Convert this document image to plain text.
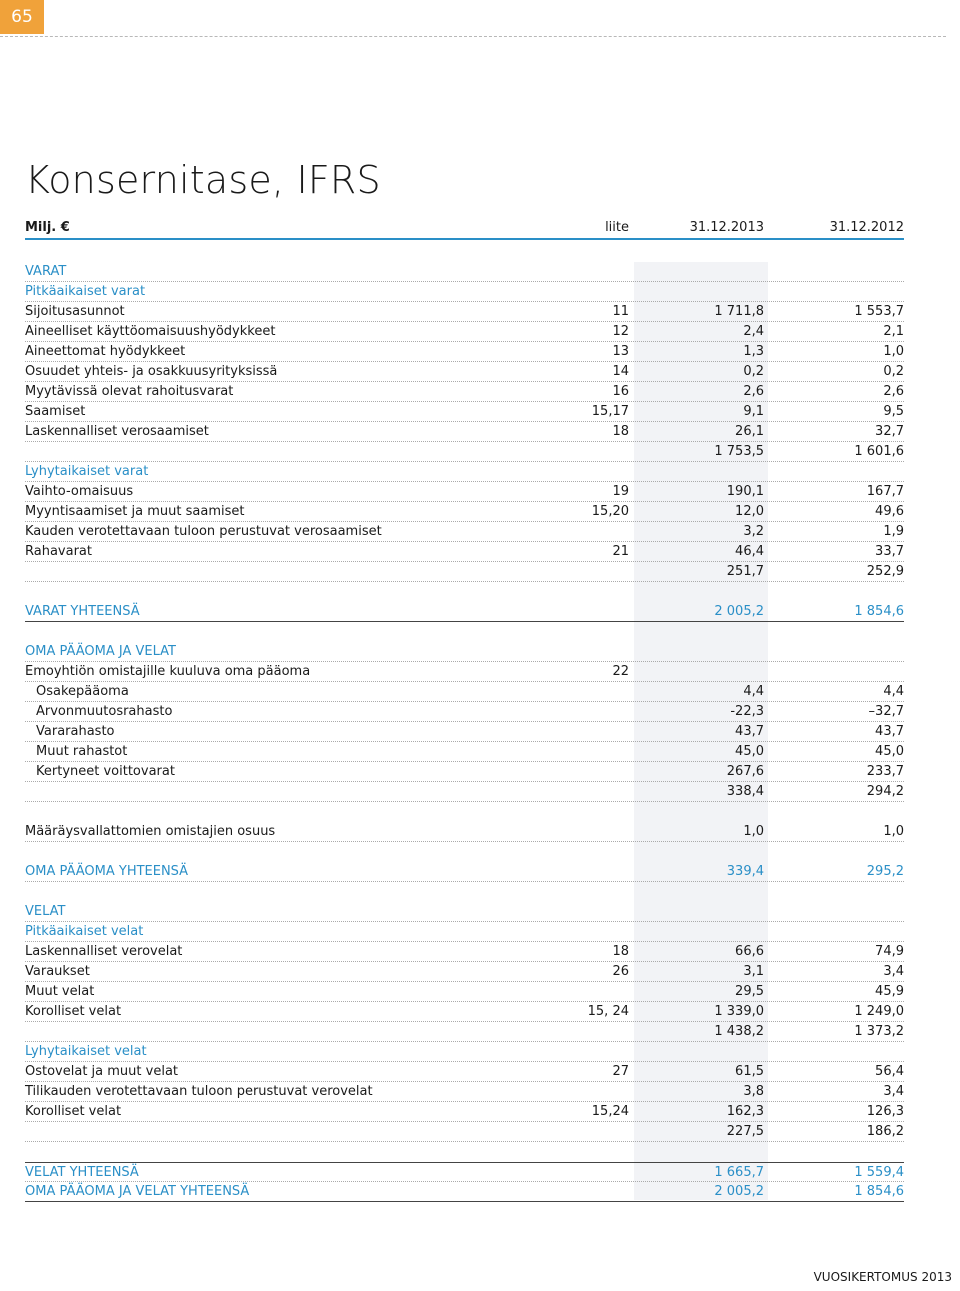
65
Konsernitase, IFRS
Milj. €	liite	31.12.2013	31.12.2012
VARAT
Pitkäaikaiset varat
Sijoitusasunnot	11	1 711,8	1 553,7
Aineelliset käyttöomaisuushyödykkeet	12	2,4	2,1
Aineettomat hyödykkeet	13	1,3	1,0
Osuudet yhteis- ja osakkuusyrityksissä	14	0,2	0,2
Myytävissä olevat rahoitusvarat	16	2,6	2,6
Saamiset	15,17	9,1	9,5
Laskennalliset verosaamiset	18	26,1	32,7
1 753,5	1 601,6
Lyhytaikaiset varat
Vaihto-omaisuus	19	190,1	167,7
Myyntisaamiset ja muut saamiset	15,20	12,0	49,6
Kauden verotettavaan tuloon perustuvat verosaamiset	3,2	1,9
Rahavarat	21	46,4	33,7
251,7	252,9
VARAT YHTEENSÄ	2 005,2	1 854,6
OMA PÄÄOMA JA VELAT
Emoyhtiön omistajille kuuluva oma pääoma	22
Osakepääoma	4,4	4,4
Arvonmuutosrahasto	-22,3	–32,7
Vararahasto	43,7	43,7
Muut rahastot	45,0	45,0
Kertyneet voittovarat	267,6	233,7
338,4	294,2
Määräysvallattomien omistajien osuus	1,0	1,0
OMA PÄÄOMA YHTEENSÄ	339,4	295,2
VELAT
Pitkäaikaiset velat
Laskennalliset verovelat	18	66,6	74,9
Varaukset	26	3,1	3,4
Muut velat	29,5	45,9
Korolliset velat	15, 24	1 339,0	1 249,0
1 438,2	1 373,2
Lyhytaikaiset velat
Ostovelat ja muut velat	27	61,5	56,4
Tilikauden verotettavaan tuloon perustuvat verovelat	3,8	3,4
Korolliset velat	15,24	162,3	126,3
227,5	186,2
VELAT YHTEENSÄ	1 665,7	1 559,4
OMA PÄÄOMA JA VELAT YHTEENSÄ	2 005,2	1 854,6
VUOSIKERTOMUS 2013
